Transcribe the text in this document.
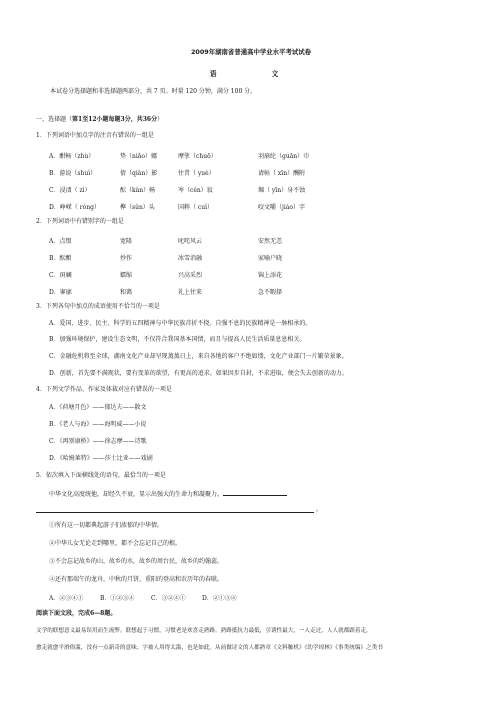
2009年湖南省普通高中学业水平考试试卷
语　　文
本试卷分选择题和非选择题两部分，共 7 页。时量 120 分钟，满分 100 分。
一、选择题（第1至12小题每题3分，共36分）
1．下列词语中加点字的注音有错误的一组是
A．酣畅（zhù）	垫（niǎo）娜	摩挲（chuō）	羽扇纶（guān）巾
B．游说（shuì）	倩（qiàn）影	往昔（ yuè）	请帖（ xīn）酬附
C．浸渍（ zì）	酝（kàn）畅	岑（cén）寂	堀（ yīn）身不蚀
D．峥嵘（ róng）	榫（sǔn）头	国粹（ cuì）	咬文嚼（jiáo）字
2．下列词语中有错别字的一组是
A．点缀	宽隆	叱咤风云	安然无恙
B．酝酿	炒作	冰雪消融	家喻户晓
C．斑斓	蠕缩	兴高采烈	锦上添花
D．寥廓	和蔼	礼上往来	急不暇择
3．下列各句中加点的成语使用不恰当的一项是
A．爱国、进步、民主、科学的五四精神与中华民族首折不挠、自强不息的民族精神是一脉相承的。
B．加强环境保护，建设生态文明，不仅符合我国基本国情，而且与提高人民生活质量息息相关。
C．金融危机将至全球，湖南文化产业却呈现蒸蒸日上，来自各地的客户不绝如缕，文化产业部门一片繁荣景象。
D．创新，首先要不满现状，要有变革的欲望，有更高的追求。如果因步自封，不求进取，便会失去创新的动力。
4．下列文学作品、作家及体裁对应有错误的一项是
A．《荷塘月色》——郁达夫——散文
B．《老人与海》——海明威——小说
C．《再别康桥》——徐志摩——诗歌
D．《哈姆莱特》——莎士比亚——戏剧
5．依次填入下面横线处的语句，最恰当的一项是
中华文化高度统他，却经久不衰，显示出强大的生命力和凝聚力。
。
①所有这一切都典起游子们浓郁的中华情。
②中华儿女无论走到哪里，都不会忘记自己的根。
③不会忘记故乡的山，故乡的水，故乡的周台民，故乡的约翰蕊。
④还有那端午的龙舟，中秋的月饼，重阳的登高和农历年的春联。
A．②③④①	B．①②③④	C．③②④①	D．②①③④
阅读下面文段，完成6—8题。
文学的联想意义最易误用而生流弊。联想起于习惯，习惯老是欢喜走熟路。熟路抵抗力最低，引诱性最大，一人走过，人人就都跟着走，
愈走就愈平滑俗滥，没有一点新奇的意味。字被人用得太滥，也是如此。从前做诗文的人都熟章《文料触机》《幼学琼林》《事类统编》之类书
